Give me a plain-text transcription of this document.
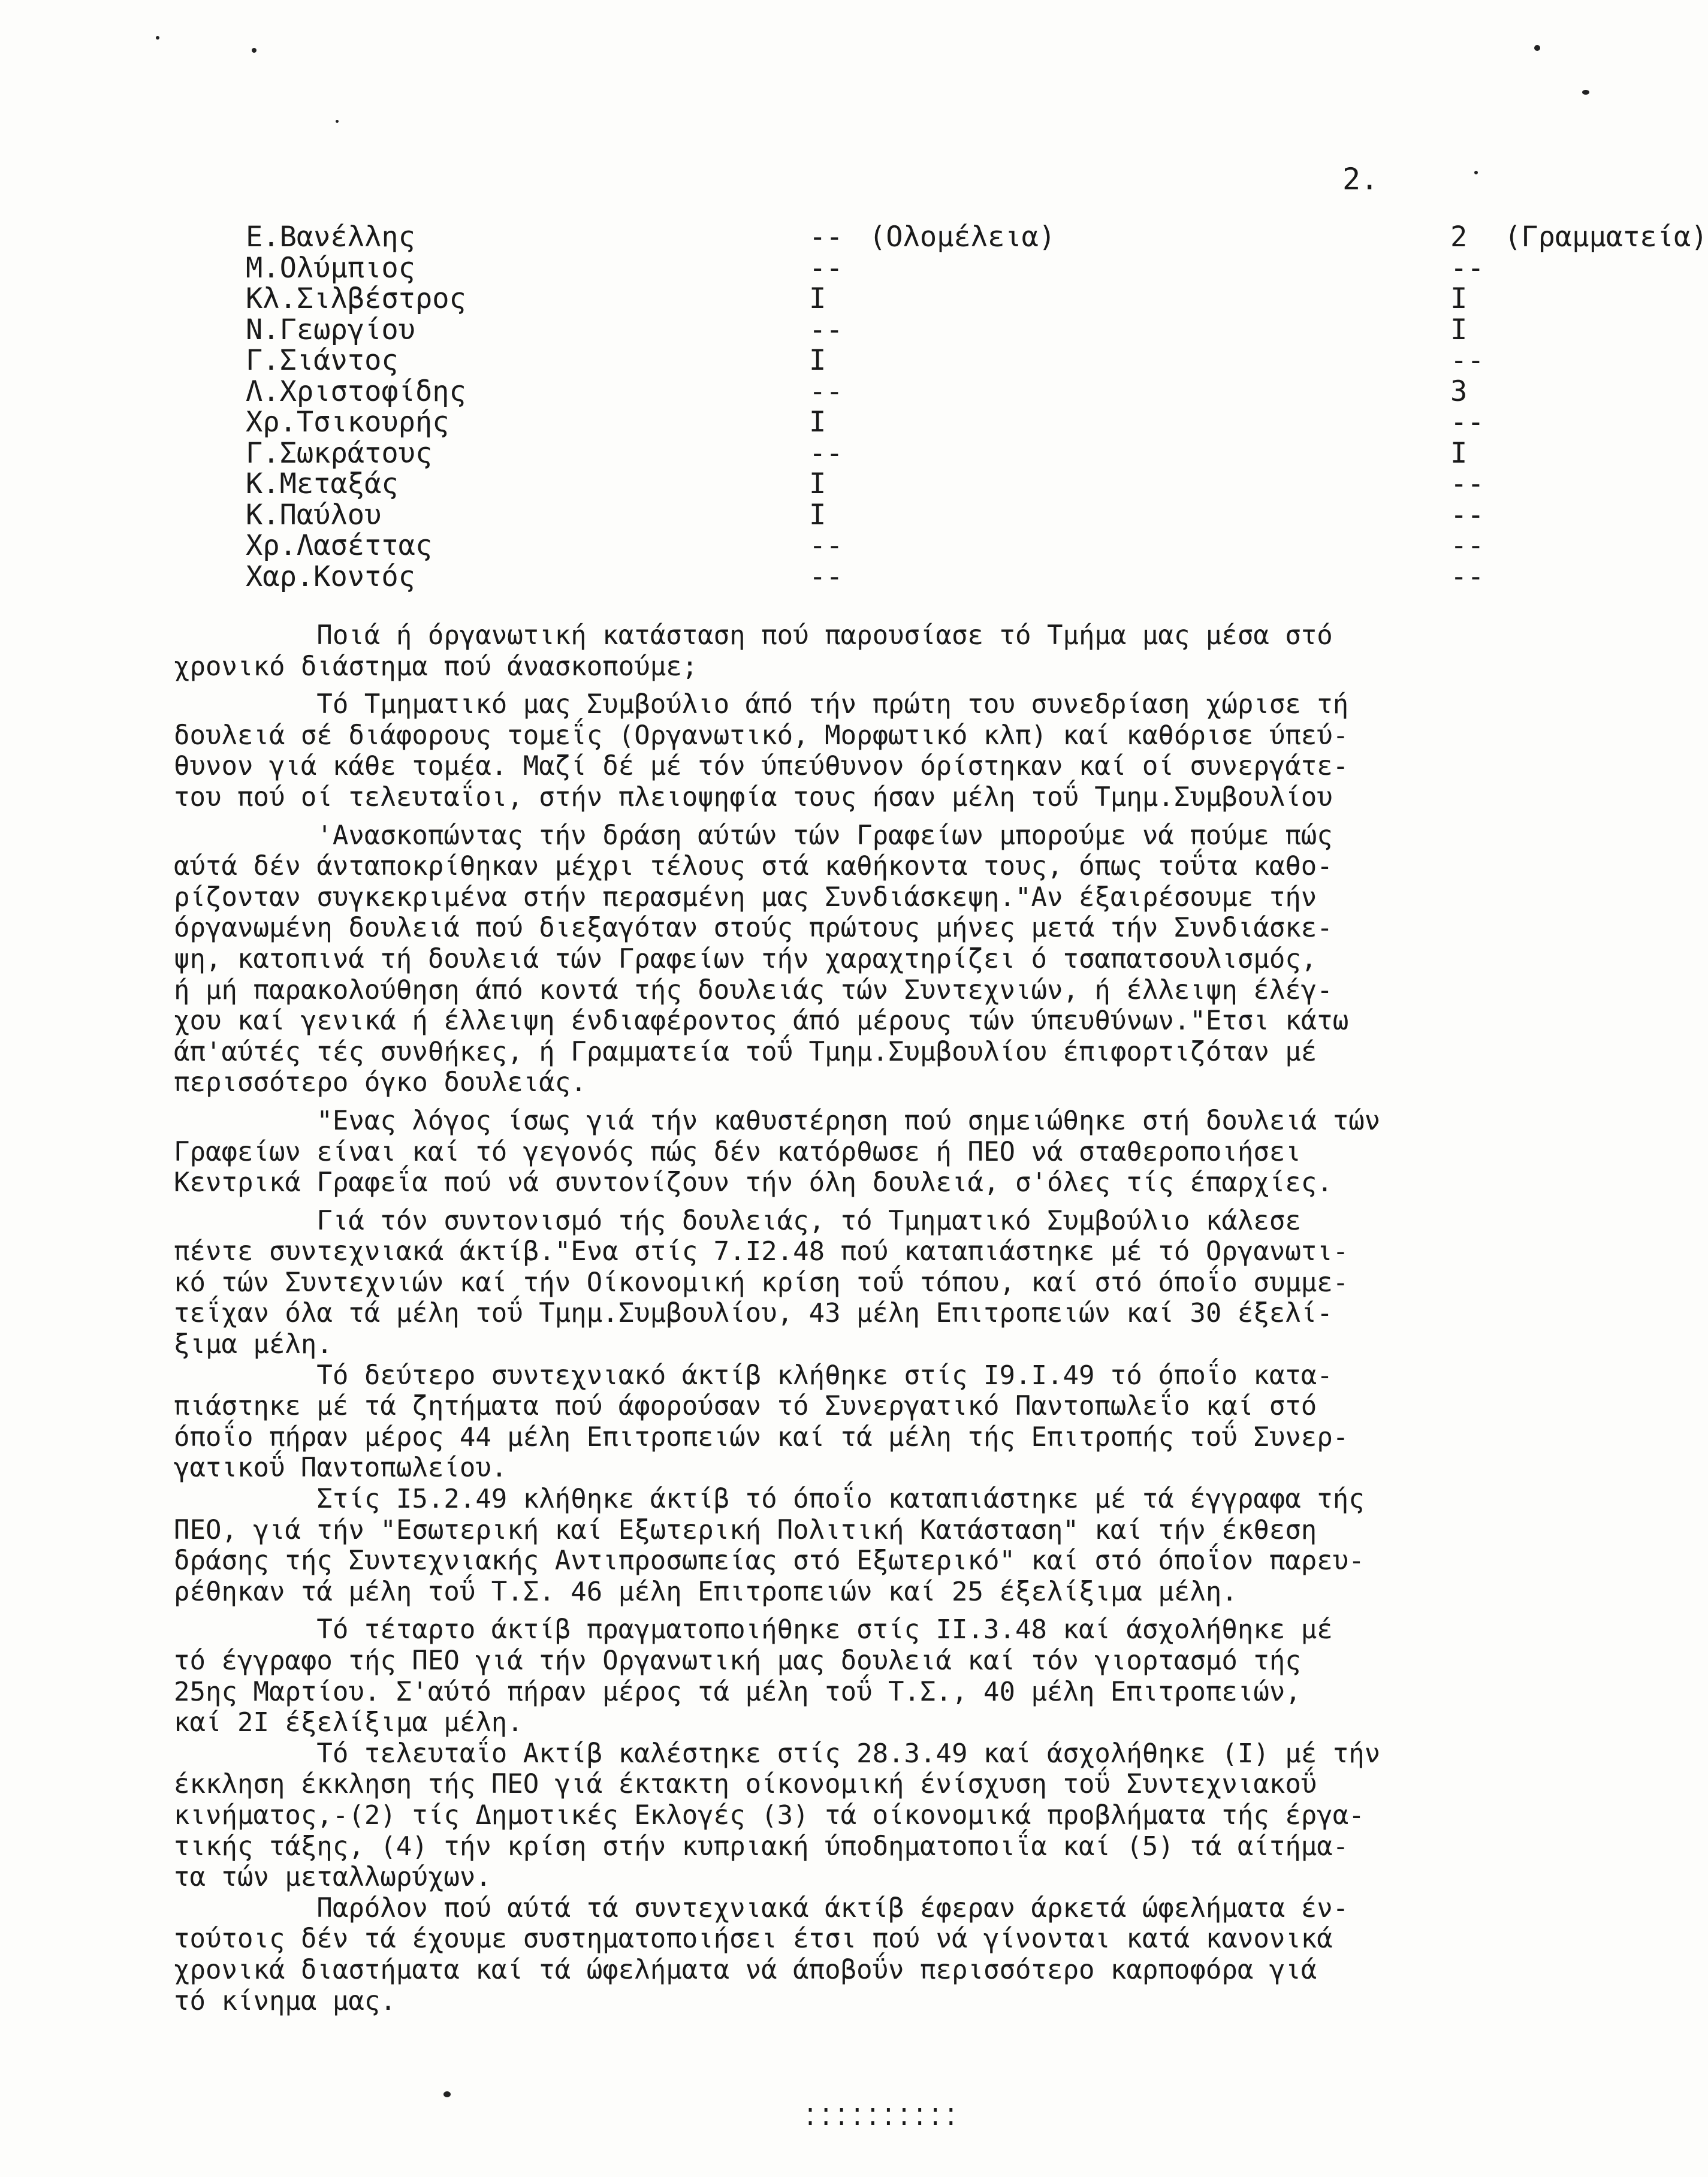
2.
Ε.Βανέλλης	-- (Ολομέλεια)	2 (Γραμματεία)
Μ.Ολύμπιος	--	--
Κλ.Σιλβέστρος	I	I
Ν.Γεωργίου	--	I
Γ.Σιάντος	I	--
Λ.Χριστοφίδης	--	3
Χρ.Τσικουρής	I	--
Γ.Σωκράτους	--	I
Κ.Μεταξάς	I	--
Κ.Παύλου	I	--
Χρ.Λασέττας	--	--
Χαρ.Κοντός	--	--

Ποιά ή όργανωτική κατάσταση πού παρουσίασε τό Τμήμα μας μέσα στό
χρονικό διάστημα πού άνασκοπούμε;

Τό Τμηματικό μας Συμβούλιο άπό τήν πρώτη του συνεδρίαση χώρισε τή
δουλειά σέ διάφορους τομεΐς (Οργανωτικό, Μορφωτικό κλπ) καί καθόρισε ύπεύ-
θυνον γιά κάθε τομέα. Μαζί δέ μέ τόν ύπεύθυνον όρίστηκαν καί οί συνεργάτε-
του πού οί τελευταΐοι, στήν πλειοψηφία τους ήσαν μέλη τοΰ Τμημ.Συμβουλίου

'Ανασκοπώντας τήν δράση αύτών τών Γραφείων μπορούμε νά πούμε πώς
αύτά δέν άνταποκρίθηκαν μέχρι τέλους στά καθήκοντα τους, όπως τοΰτα καθο-
ρίζονταν συγκεκριμένα στήν περασμένη μας Συνδιάσκεψη."Αν έξαιρέσουμε τήν
όργανωμένη δουλειά πού διεξαγόταν στούς πρώτους μήνες μετά τήν Συνδιάσκε-
ψη, κατοπινά τή δουλειά τών Γραφείων τήν χαραχτηρίζει ό τσαπατσουλισμός,
ή μή παρακολούθηση άπό κοντά τής δουλειάς τών Συντεχνιών, ή έλλειψη έλέγ-
χου καί γενικά ή έλλειψη ένδιαφέροντος άπό μέρους τών ύπευθύνων."Ετσι κάτω
άπ'αύτές τές συνθήκες, ή Γραμματεία τοΰ Τμημ.Συμβουλίου έπιφορτιζόταν μέ
περισσότερο όγκο δουλειάς.

"Ενας λόγος ίσως γιά τήν καθυστέρηση πού σημειώθηκε στή δουλειά τών
Γραφείων είναι καί τό γεγονός πώς δέν κατόρθωσε ή ΠΕΟ νά σταθεροποιήσει
Κεντρικά Γραφεΐα πού νά συντονίζουν τήν όλη δουλειά, σ'όλες τίς έπαρχίες.

Γιά τόν συντονισμό τής δουλειάς, τό Τμηματικό Συμβούλιο κάλεσε
πέντε συντεχνιακά άκτίβ."Ενα στίς 7.I2.48 πού καταπιάστηκε μέ τό Οργανωτι-
κό τών Συντεχνιών καί τήν Οίκονομική κρίση τοΰ τόπου, καί στό όποΐο συμμε-
τεΐχαν όλα τά μέλη τοΰ Τμημ.Συμβουλίου, 43 μέλη Επιτροπειών καί 30 έξελί-
ξιμα μέλη.
Τό δεύτερο συντεχνιακό άκτίβ κλήθηκε στίς I9.I.49 τό όποΐο κατα-
πιάστηκε μέ τά ζητήματα πού άφορούσαν τό Συνεργατικό Παντοπωλεΐο καί στό
όποΐο πήραν μέρος 44 μέλη Επιτροπειών καί τά μέλη τής Επιτροπής τοΰ Συνερ-
γατικοΰ Παντοπωλείου.
Στίς I5.2.49 κλήθηκε άκτίβ τό όποΐο καταπιάστηκε μέ τά έγγραφα τής
ΠΕΟ, γιά τήν "Εσωτερική καί Εξωτερική Πολιτική Κατάσταση" καί τήν έκθεση
δράσης τής Συντεχνιακής Αντιπροσωπείας στό Εξωτερικό" καί στό όποΐον παρευ-
ρέθηκαν τά μέλη τοΰ Τ.Σ. 46 μέλη Επιτροπειών καί 25 έξελίξιμα μέλη.

Τό τέταρτο άκτίβ πραγματοποιήθηκε στίς II.3.48 καί άσχολήθηκε μέ
τό έγγραφο τής ΠΕΟ γιά τήν Οργανωτική μας δουλειά καί τόν γιορτασμό τής
25ης Μαρτίου. Σ'αύτό πήραν μέρος τά μέλη τοΰ Τ.Σ., 40 μέλη Επιτροπειών,
καί 2I έξελίξιμα μέλη.
Τό τελευταΐο Ακτίβ καλέστηκε στίς 28.3.49 καί άσχολήθηκε (I) μέ τήν
έκκληση έκκληση τής ΠΕΟ γιά έκτακτη οίκονομική ένίσχυση τοΰ Συντεχνιακοΰ
κινήματος,-(2) τίς Δημοτικές Εκλογές (3) τά οίκονομικά προβλήματα τής έργα-
τικής τάξης, (4) τήν κρίση στήν κυπριακή ύποδηματοποιΐα καί (5) τά αίτήμα-
τα τών μεταλλωρύχων.
Παρόλον πού αύτά τά συντεχνιακά άκτίβ έφεραν άρκετά ώφελήματα έν-
τούτοις δέν τά έχουμε συστηματοποιήσει έτσι πού νά γίνονται κατά κανονικά
χρονικά διαστήματα καί τά ώφελήματα νά άποβοΰν περισσότερο καρποφόρα γιά
τό κίνημα μας.

..........
..........
